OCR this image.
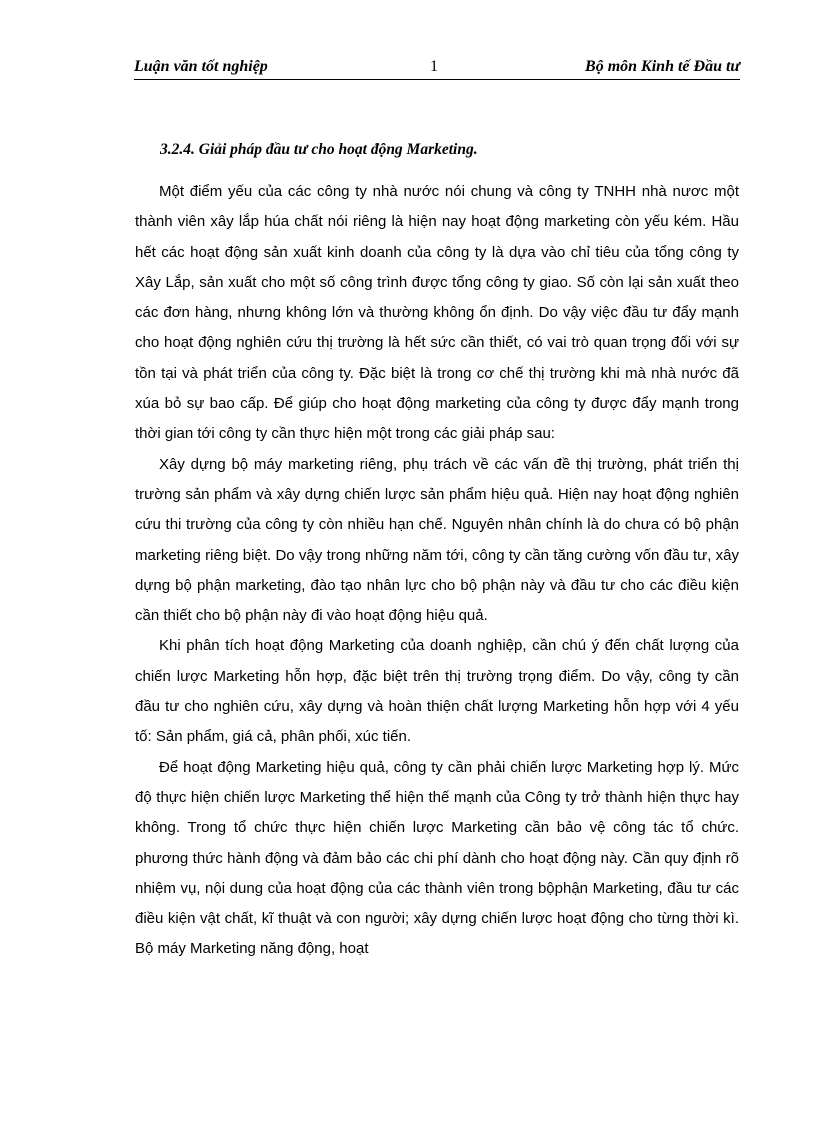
Luận văn tốt nghiệp	1	Bộ môn Kinh tế Đầu tư
3.2.4. Giải pháp đầu tư cho hoạt động Marketing.

Một điểm yếu của các công ty nhà nước nói chung và công ty TNHH nhà nươc một thành viên xây lắp húa chất nói riêng là hiện nay hoạt động marketing còn yếu kém. Hầu hết các hoạt động sản xuất kinh doanh của công ty là dựa vào chỉ tiêu của tổng công ty Xây Lắp, sản xuất cho một số công trình được tổng công ty giao. Số còn lại sản xuất theo các đơn hàng, nhưng không lớn và thường không ổn định. Do vậy việc đầu tư đẩy mạnh cho hoạt động nghiên cứu thị trường là hết sức cần thiết, có vai trò quan trọng đối với sự tồn tại và phát triển của công ty. Đặc biệt là trong cơ chế thị trường khi mà nhà nước đã xúa bỏ sự bao cấp. Để giúp cho hoạt động marketing của công ty được đẩy mạnh trong thời gian tới công ty cần thực hiện một trong các giải pháp sau:

Xây dựng bộ máy marketing riêng, phụ trách về các vấn đề thị trường, phát triển thị trường sản phẩm và xây dựng chiến lược sản phẩm hiệu quả. Hiện nay hoạt động nghiên cứu thi trường của công ty còn nhiều hạn chế. Nguyên nhân chính là do chưa có bộ phận marketing riêng biệt. Do vậy trong những năm tới, công ty cần tăng cường vốn đầu tư, xây dựng bộ phận marketing, đào tạo nhân lực cho bộ phận này và đầu tư cho các điều kiện cần thiết cho bộ phận này đi vào hoạt động hiệu quả.

Khi phân tích hoạt động Marketing của doanh nghiệp, cần chú ý đến chất lượng của chiến lược Marketing hỗn hợp, đặc biệt trên thị trường trọng điểm. Do vậy, công ty cần đầu tư cho nghiên cứu, xây dựng và hoàn thiện chất lượng Marketing hỗn hợp với 4 yếu tố: Sản phẩm, giá cả, phân phối, xúc tiến.

Để hoạt động Marketing hiệu quả, công ty cần phải chiến lược Marketing hợp lý. Mức độ thực hiện chiến lược Marketing thể hiện thế mạnh của Công ty trở thành hiện thực hay không. Trong tổ chức thực hiện chiến lược Marketing cần bảo vệ công tác tổ chức. phương thức hành động và đảm bảo các chi phí dành cho hoạt động này. Cần quy định rõ nhiệm vụ, nội dung của hoạt động của các thành viên trong bộphận Marketing, đầu tư các điều kiện vật chất, kĩ thuật và con người; xây dựng chiến lược hoạt động cho từng thời kì. Bộ máy Marketing năng động, hoạt
